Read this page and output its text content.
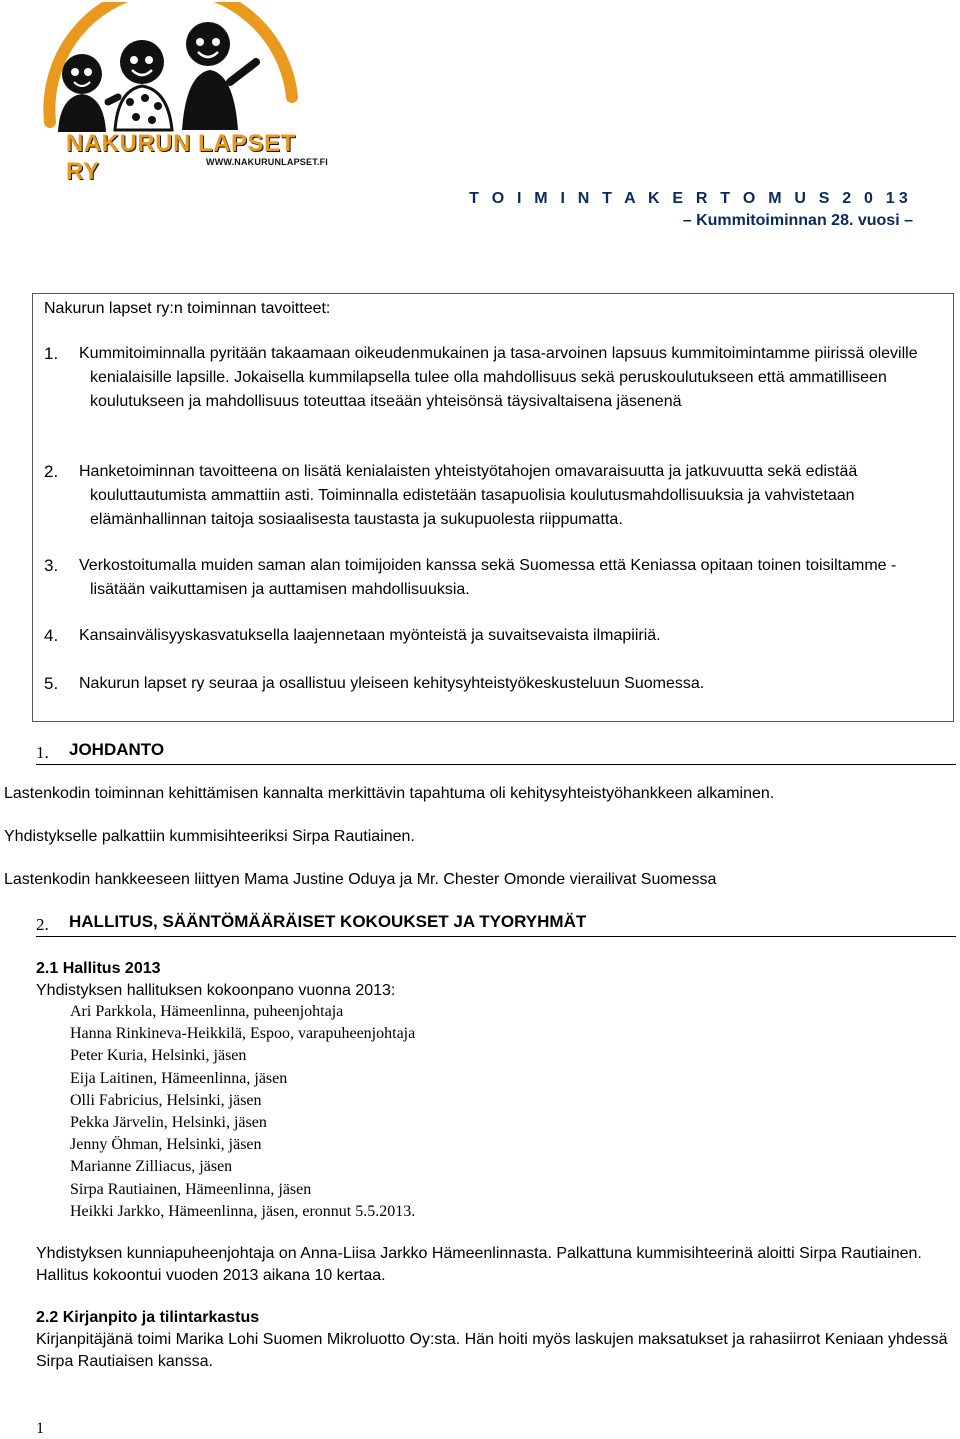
NAKURUN LAPSET RY	WWW.NAKURUNLAPSET.FI
T O I M I N T A K E R T O M U S 2 0 13
– Kummitoiminnan 28. vuosi –
Nakurun lapset ry:n toiminnan tavoitteet:
1. Kummitoiminnalla pyritään takaamaan oikeudenmukainen ja tasa-arvoinen lapsuus kummitoimintamme piirissä oleville kenialaisille lapsille. Jokaisella kummilapsella tulee olla mahdollisuus sekä peruskoulutukseen että ammatilliseen koulutukseen ja mahdollisuus toteuttaa itseään yhteisönsä täysivaltaisena jäsenenä
2. Hanketoiminnan tavoitteena on lisätä kenialaisten yhteistyötahojen omavaraisuutta ja jatkuvuutta sekä edistää kouluttautumista ammattiin asti. Toiminnalla edistetään tasapuolisia koulutusmahdollisuuksia ja vahvistetaan elämänhallinnan taitoja sosiaalisesta taustasta ja sukupuolesta riippumatta.
3. Verkostoitumalla muiden saman alan toimijoiden kanssa sekä Suomessa että Keniassa opitaan toinen toisiltamme - lisätään vaikuttamisen ja auttamisen mahdollisuuksia.
4. Kansainvälisyyskasvatuksella laajennetaan myönteistä ja suvaitsevaista ilmapiiriä.
5. Nakurun lapset ry seuraa ja osallistuu yleiseen kehitysyhteistyökeskusteluun Suomessa.
1. JOHDANTO
Lastenkodin toiminnan kehittämisen kannalta merkittävin tapahtuma oli kehitysyhteistyöhankkeen alkaminen.
Yhdistykselle palkattiin kummisihteeriksi Sirpa Rautiainen.
Lastenkodin hankkeeseen liittyen Mama Justine Oduya ja Mr. Chester Omonde vierailivat Suomessa
2. HALLITUS, SÄÄNTÖMÄÄRÄISET KOKOUKSET JA TYORYHMÄT
2.1 Hallitus 2013
Yhdistyksen hallituksen kokoonpano vuonna 2013:
Ari Parkkola, Hämeenlinna, puheenjohtaja
Hanna Rinkineva-Heikkilä, Espoo, varapuheenjohtaja
Peter Kuria, Helsinki, jäsen
Eija Laitinen, Hämeenlinna, jäsen
Olli Fabricius, Helsinki, jäsen
Pekka Järvelin, Helsinki, jäsen
Jenny Öhman, Helsinki, jäsen
Marianne Zilliacus, jäsen
Sirpa Rautiainen, Hämeenlinna, jäsen
Heikki Jarkko, Hämeenlinna, jäsen, eronnut 5.5.2013.
Yhdistyksen kunniapuheenjohtaja on Anna-Liisa Jarkko Hämeenlinnasta. Palkattuna kummisihteerinä aloitti Sirpa Rautiainen. Hallitus kokoontui vuoden 2013 aikana 10 kertaa.
2.2 Kirjanpito ja tilintarkastus
Kirjanpitäjänä toimi Marika Lohi Suomen Mikroluotto Oy:sta. Hän hoiti myös laskujen maksatukset ja rahasiirrot Keniaan yhdessä Sirpa Rautiaisen kanssa.
1
